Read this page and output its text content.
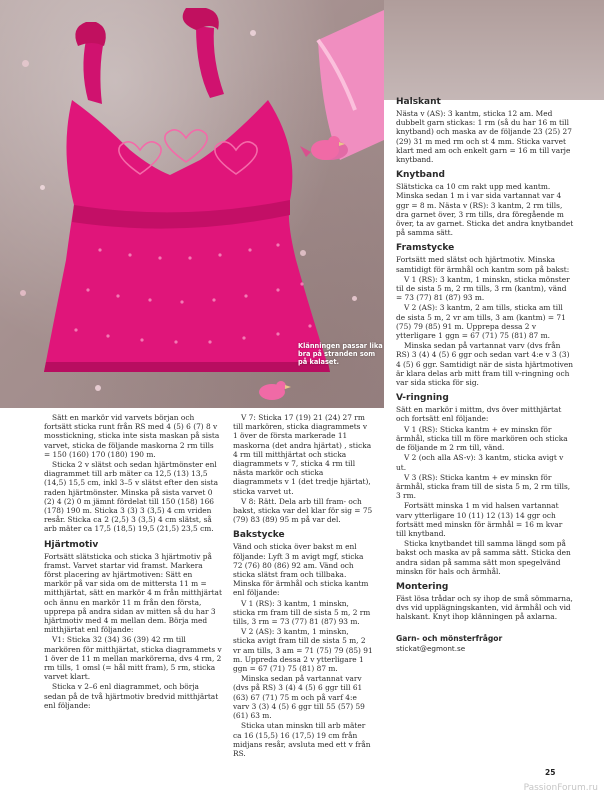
Klänningen passar lika bra på stranden som på kalaset.

Sätt en markör vid varvets början och fortsätt sticka runt från RS med 4 (5) 6 (7) 8 v mosstickning, sticka inte sista maskan på sista varvet, sticka de följande maskorna 2 rm tills = 150 (160) 170 (180) 190 m.

Sticka 2 v slätst och sedan hjärtmönster enl diagrammet till arb mäter ca 12,5 (13) 13,5 (14,5) 15,5 cm, inkl 3–5 v slätst efter den sista raden hjärtmönster. Minska på sista varvet 0 (2) 4 (2) 0 m jämnt fördelat till 150 (158) 166 (178) 190 m. Sticka 3 (3) 3 (3,5) 4 cm vriden resår. Sticka ca 2 (2,5) 3 (3,5) 4 cm slätst, så arb mäter ca 17,5 (18,5) 19,5 (21,5) 23,5 cm.

Hjärtmotiv

Fortsätt slätsticka och sticka 3 hjärtmotiv på framst. Varvet startar vid framst. Markera först placering av hjärtmotiven: Sätt en markör på var sida om de mittersta 11 m = mitthjärtat, sätt en markör 4 m från mitthjärtat och ännu en markör 11 m från den första, upprepa på andra sidan av mitten så du har 3 hjärtmotiv med 4 m mellan dem. Börja med mitthjärtat enl följande:

V1: Sticka 32 (34) 36 (39) 42 rm till markören för mitthjärtat, sticka diagrammets v 1 över de 11 m mellan markörerna, dvs 4 rm, 2 rm tills, 1 omsl (= hål mitt fram), 5 rm, sticka varvet klart.

Sticka v 2–6 enl diagrammet, och börja sedan på de två hjärtmotiv bredvid mitthjärtat enl följande:

V 7: Sticka 17 (19) 21 (24) 27 rm till markören, sticka diagrammets v 1 över de första markerade 11 maskorna (det andra hjärtat) , sticka 4 rm till mitthjärtat och sticka diagrammets v 7, sticka 4 rm till nästa markör och sticka diagrammets v 1 (det tredje hjärtat), sticka varvet ut.

V 8: Rätt. Dela arb till fram- och bakst, sticka var del klar för sig = 75 (79) 83 (89) 95 m på var del.

Bakstycke

Vänd och sticka över bakst m enl följande: Lyft 3 m avigt mgf, sticka 72 (76) 80 (86) 92 am. Vänd och sticka slätst fram och tillbaka. Minska för ärmhål och sticka kantm enl följande:

V 1 (RS): 3 kantm, 1 minskn, sticka rm fram till de sista 5 m, 2 rm tills, 3 rm = 73 (77) 81 (87) 93 m.

V 2 (AS): 3 kantm, 1 minskn, sticka avigt fram till de sista 5 m, 2 vr am tills, 3 am = 71 (75) 79 (85) 91 m. Uppreda dessa 2 v ytterligare 1 ggn = 67 (71) 75 (81) 87 m.

Minska sedan på vartannat varv (dvs på RS) 3 (4) 4 (5) 6 ggr till 61 (63) 67 (71) 75 m och på varf 4:e varv 3 (3) 4 (5) 6 ggr till 55 (57) 59 (61) 63 m.

Sticka utan minskn till arb mäter ca 16 (15,5) 16 (17,5) 19 cm från midjans resår, avsluta med ett v från RS.

Halskant

Nästa v (AS): 3 kantm, sticka 12 am. Med dubbelt garn stickas: 1 rm (så du har 16 m till knytband) och maska av de följande 23 (25) 27 (29) 31 m med rm och st 4 mm. Sticka varvet klart med am och enkelt garn = 16 m till varje knytband.

Knytband

Slätsticka ca 10 cm rakt upp med kantm. Minska sedan 1 m i var sida vartannat var 4 ggr = 8 m. Nästa v (RS): 3 kantm, 2 rm tills, dra garnet över, 3 rm tills, dra föregående m över, ta av garnet. Sticka det andra knytbandet på samma sätt.

Framstycke

Fortsätt med slätst och hjärtmotiv. Minska samtidigt för ärmhål och kantm som på bakst:

V 1 (RS): 3 kantm, 1 minskn, sticka mönster til de sista 5 m, 2 rm tills, 3 rm (kantm), vänd = 73 (77) 81 (87) 93 m.

V 2 (AS): 3 kantm, 2 am tills, sticka am till de sista 5 m, 2 vr am tills, 3 am (kantm) = 71 (75) 79 (85) 91 m. Upprepa dessa 2 v ytterligare 1 ggn = 67 (71) 75 (81) 87 m.

Minska sedan på vartannat varv (dvs från RS) 3 (4) 4 (5) 6 ggr och sedan vart 4:e v 3 (3) 4 (5) 6 ggr. Samtidigt när de sista hjärtmotiven är klara delas arb mitt fram till v-ringning och var sida sticka för sig.

V-ringning

Sätt en markör i mittm, dvs över mitthjärtat och fortsätt enl följande:

V 1 (RS): Sticka kantm + ev minskn för ärmhål, sticka till m före markören och sticka de följande m 2 rm till, vänd.

V 2 (och alla AS-v): 3 kantm, sticka avigt v ut.

V 3 (RS): Sticka kantm + ev minskn för ärmhål, sticka fram till de sista 5 m, 2 rm tills, 3 rm.

Fortsätt minska 1 m vid halsen vartannat varv ytterligare 10 (11) 12 (13) 14 ggr och fortsätt med minskn för ärmhål = 16 m kvar till knytband.

Sticka knytbandet till samma längd som på bakst och maska av på samma sätt. Sticka den andra sidan på samma sätt mon spegelvänd minskn för hals och ärmhål.

Montering

Fäst lösa trådar och sy ihop de små sömmarna, dvs vid upplägningskanten, vid ärmhål och vid halskant. Knyt ihop klänningen på axlarna.

Garn- och mönsterfrågor
stickat@egmont.se
25
PassionForum.ru
